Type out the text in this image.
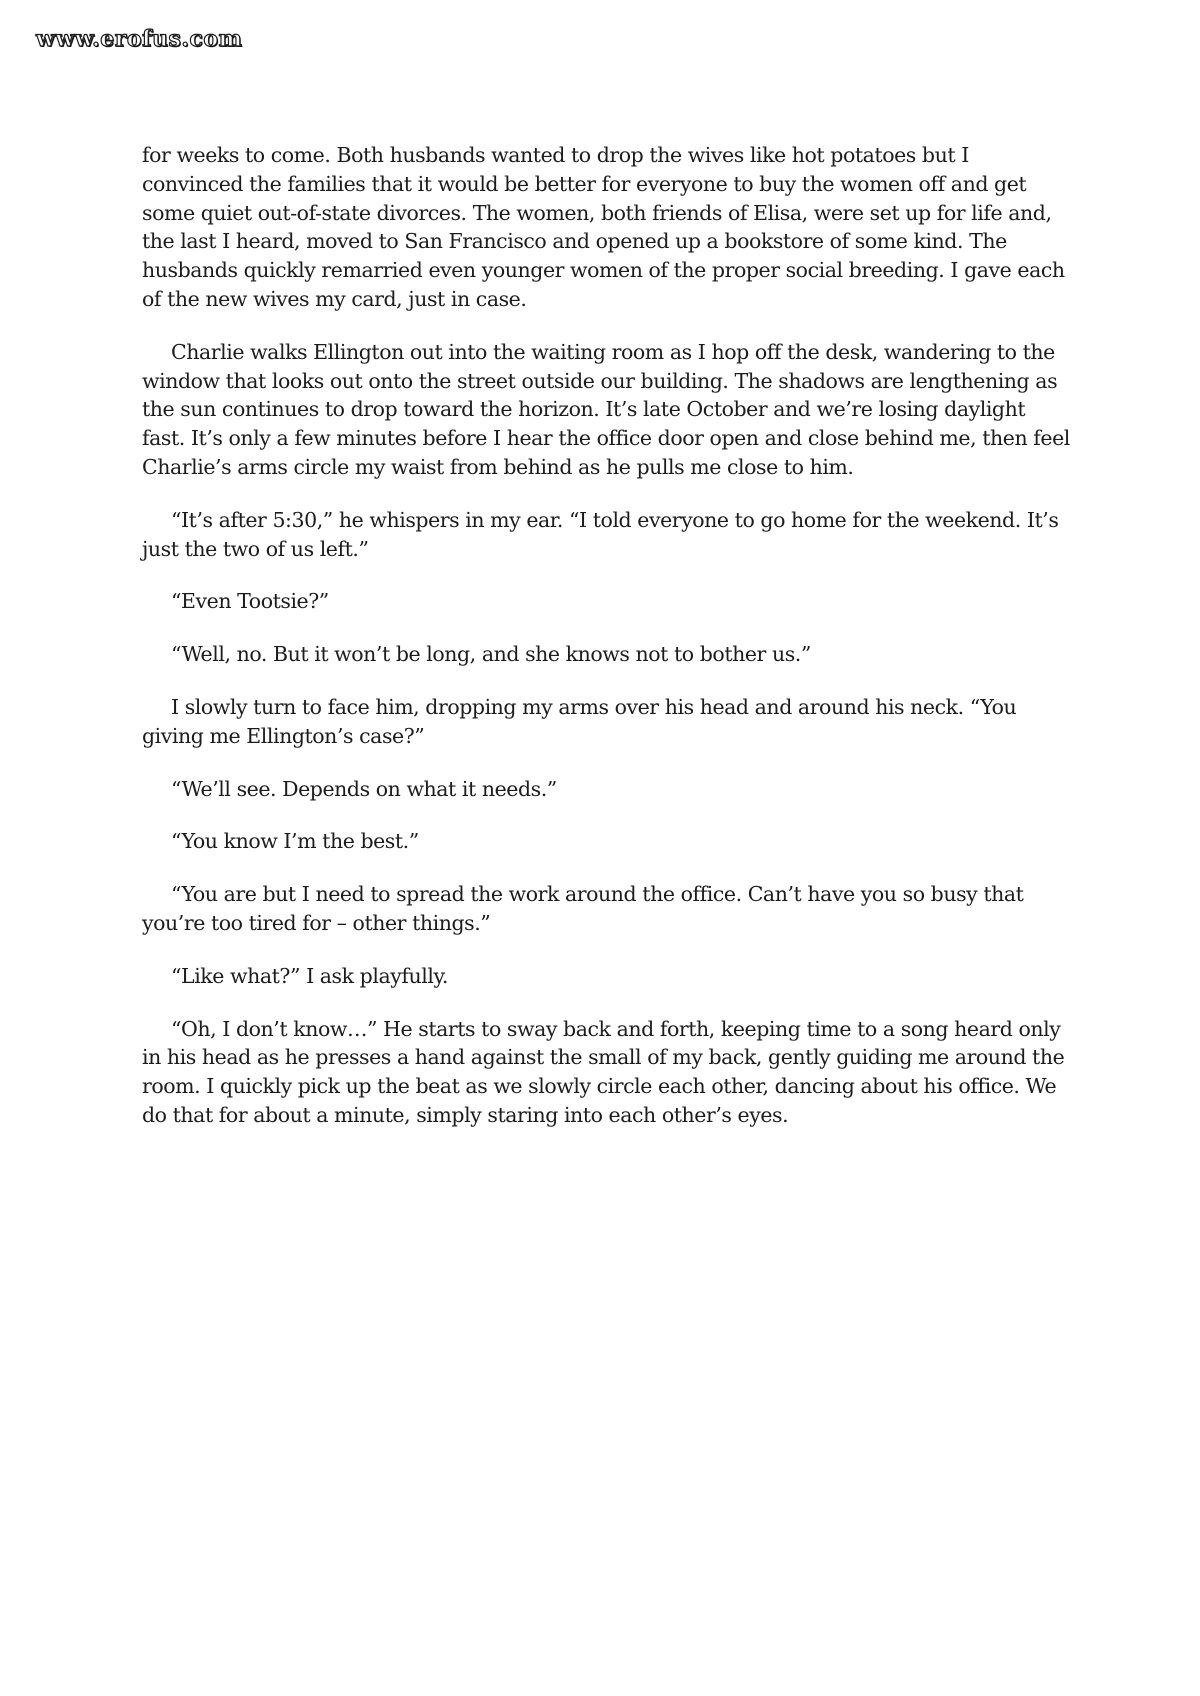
www.erofus.com

for weeks to come. Both husbands wanted to drop the wives like hot potatoes but I convinced the families that it would be better for everyone to buy the women off and get some quiet out-of-state divorces. The women, both friends of Elisa, were set up for life and, the last I heard, moved to San Francisco and opened up a bookstore of some kind. The husbands quickly remarried even younger women of the proper social breeding. I gave each of the new wives my card, just in case.

Charlie walks Ellington out into the waiting room as I hop off the desk, wandering to the window that looks out onto the street outside our building. The shadows are lengthening as the sun continues to drop toward the horizon. It’s late October and we’re losing daylight fast. It’s only a few minutes before I hear the office door open and close behind me, then feel Charlie’s arms circle my waist from behind as he pulls me close to him.

“It’s after 5:30,” he whispers in my ear. “I told everyone to go home for the weekend. It’s just the two of us left.”

“Even Tootsie?”

“Well, no. But it won’t be long, and she knows not to bother us.”

I slowly turn to face him, dropping my arms over his head and around his neck. “You giving me Ellington’s case?”

“We’ll see. Depends on what it needs.”

“You know I’m the best.”

“You are but I need to spread the work around the office. Can’t have you so busy that you’re too tired for – other things.”

“Like what?” I ask playfully.

“Oh, I don’t know…” He starts to sway back and forth, keeping time to a song heard only in his head as he presses a hand against the small of my back, gently guiding me around the room. I quickly pick up the beat as we slowly circle each other, dancing about his office. We do that for about a minute, simply staring into each other’s eyes.
